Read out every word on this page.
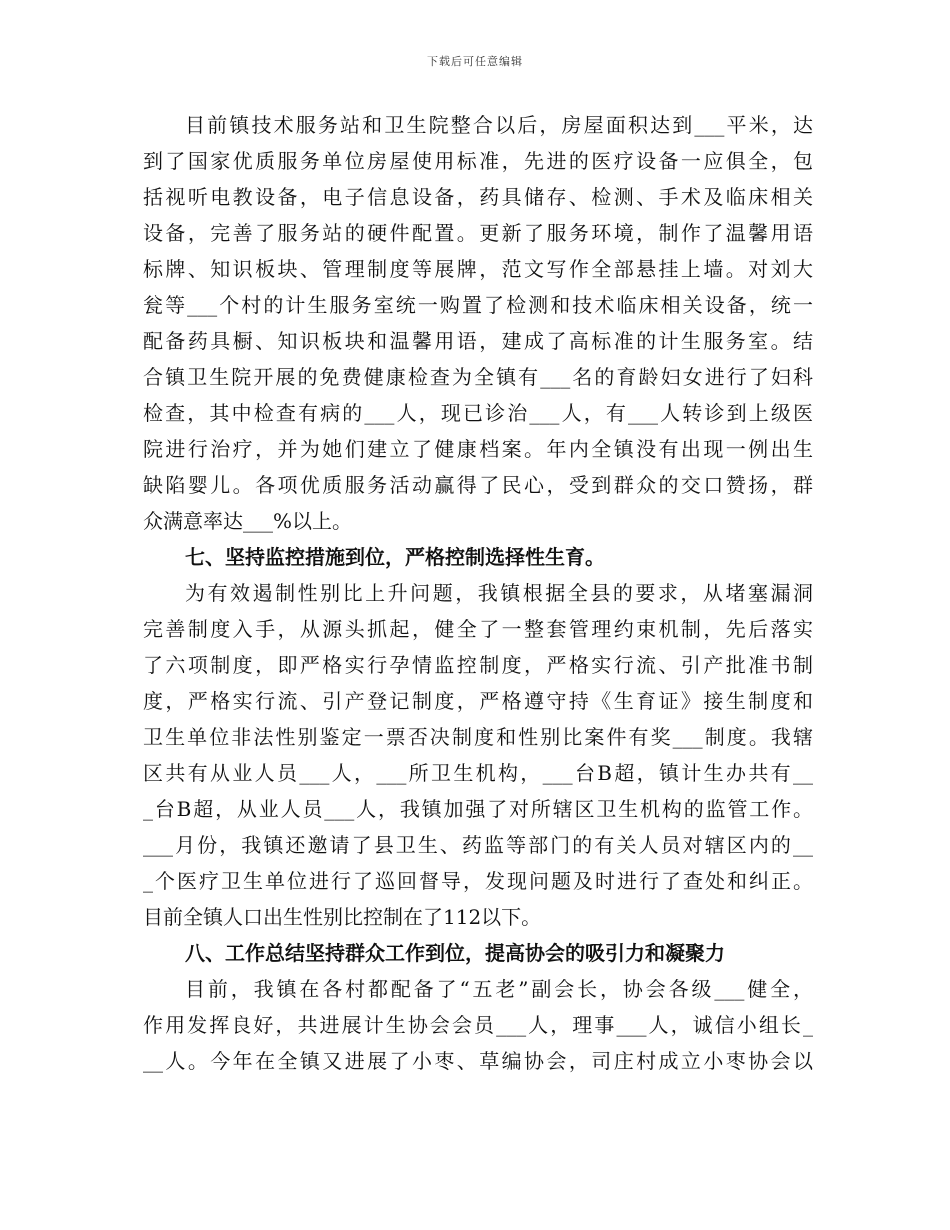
下载后可任意编辑
目前镇技术服务站和卫生院整合以后，房屋面积达到___平米，达
到了国家优质服务单位房屋使用标准，先进的医疗设备一应俱全，包
括视听电教设备，电子信息设备，药具储存、检测、手术及临床相关
设备，完善了服务站的硬件配置。更新了服务环境，制作了温馨用语
标牌、知识板块、管理制度等展牌，范文写作全部悬挂上墙。对刘大
瓮等___个村的计生服务室统一购置了检测和技术临床相关设备，统一
配备药具橱、知识板块和温馨用语，建成了高标准的计生服务室。结
合镇卫生院开展的免费健康检查为全镇有___名的育龄妇女进行了妇科
检查，其中检查有病的___人，现已诊治___人，有___人转诊到上级医
院进行治疗，并为她们建立了健康档案。年内全镇没有出现一例出生
缺陷婴儿。各项优质服务活动赢得了民心，受到群众的交口赞扬，群
众满意率达___%以上。
七、坚持监控措施到位，严格控制选择性生育。
为有效遏制性别比上升问题，我镇根据全县的要求，从堵塞漏洞
完善制度入手，从源头抓起，健全了一整套管理约束机制，先后落实
了六项制度，即严格实行孕情监控制度，严格实行流、引产批准书制
度，严格实行流、引产登记制度，严格遵守持《生育证》接生制度和
卫生单位非法性别鉴定一票否决制度和性别比案件有奖___制度。我辖
区共有从业人员___人，___所卫生机构，___台B超，镇计生办共有__
_台B超，从业人员___人，我镇加强了对所辖区卫生机构的监管工作。
___月份，我镇还邀请了县卫生、药监等部门的有关人员对辖区内的__
_个医疗卫生单位进行了巡回督导，发现问题及时进行了查处和纠正。
目前全镇人口出生性别比控制在了112以下。
八、工作总结坚持群众工作到位，提高协会的吸引力和凝聚力
目前，我镇在各村都配备了“五老”副会长，协会各级___健全，
作用发挥良好，共进展计生协会会员___人，理事___人，诚信小组长_
__人。今年在全镇又进展了小枣、草编协会，司庄村成立小枣协会以
